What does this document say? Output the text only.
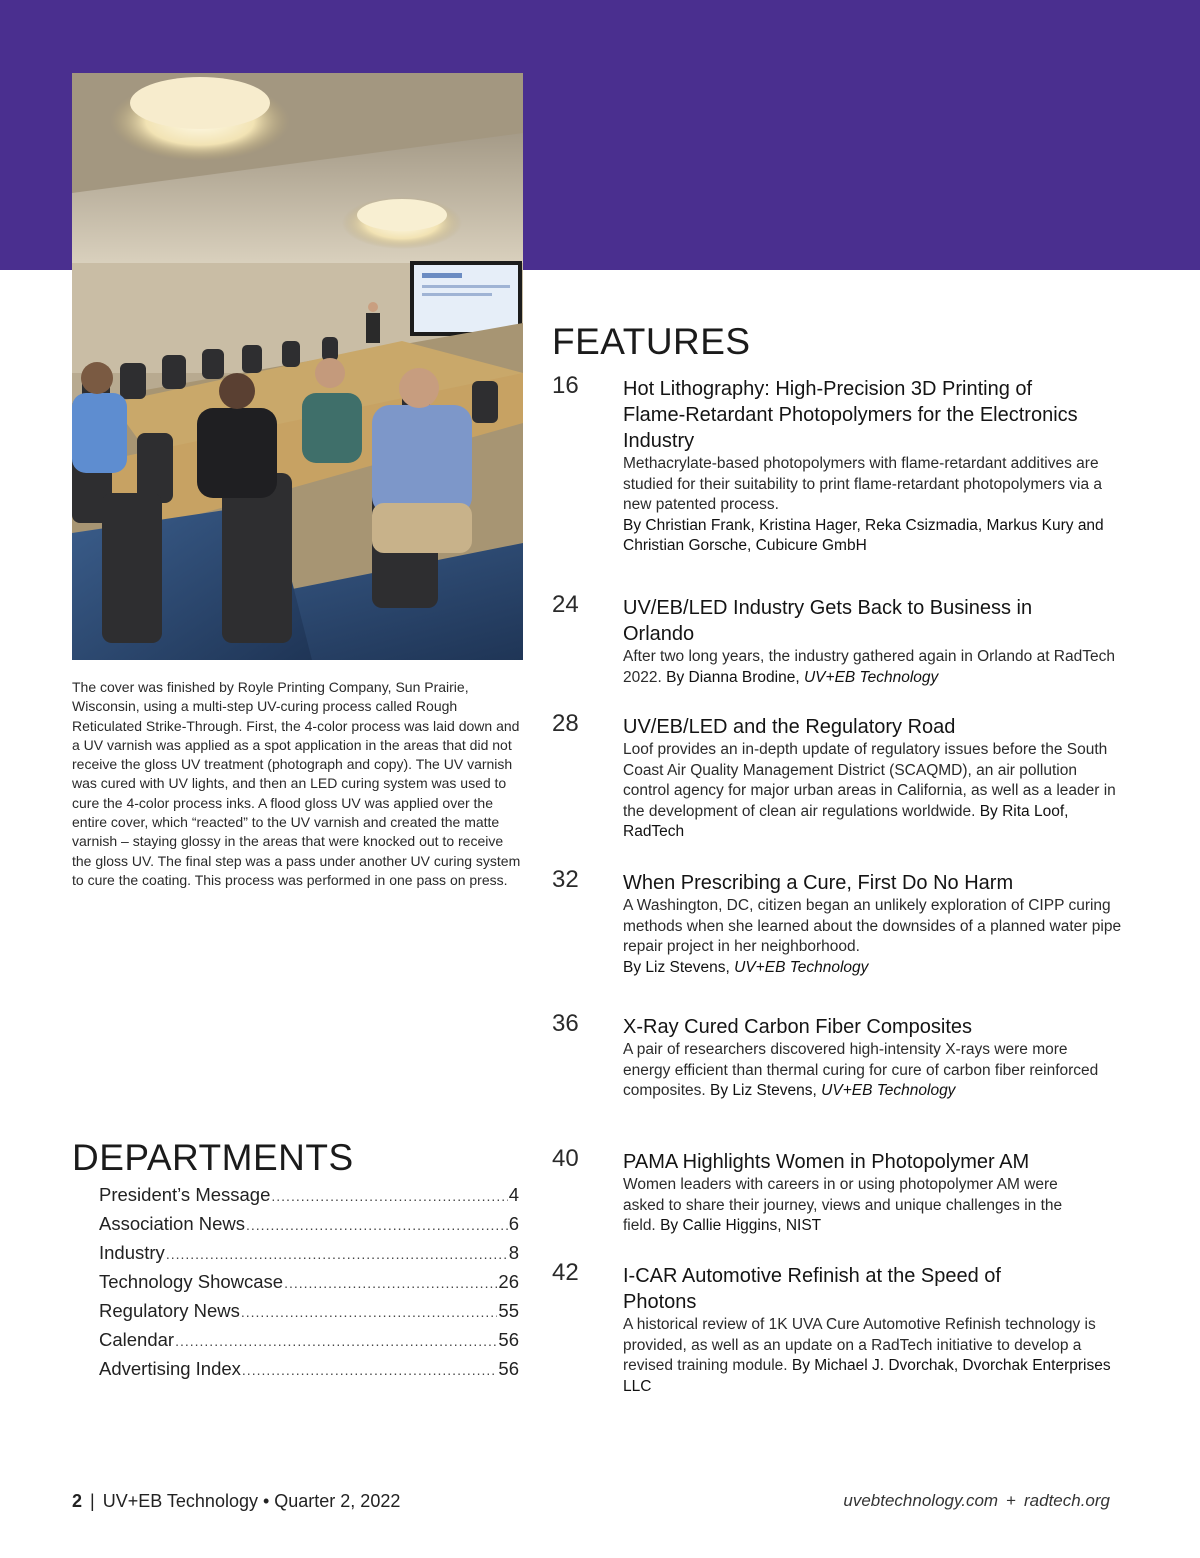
The cover was finished by Royle Printing Company, Sun Prairie, Wisconsin, using a multi-step UV-curing process called Rough Reticulated Strike-Through. First, the 4-color process was laid down and a UV varnish was applied as a spot application in the areas that did not receive the gloss UV treatment (photograph and copy). The UV varnish was cured with UV lights, and then an LED curing system was used to cure the 4-color process inks. A flood gloss UV was applied over the entire cover, which “reacted” to the UV varnish and created the matte varnish – staying glossy in the areas that were knocked out to receive the gloss UV. The final step was a pass under another UV curing system to cure the coating. This process was performed in one pass on press.

FEATURES
16	Hot Lithography: High-Precision 3D Printing of Flame-Retardant Photopolymers for the Electronics Industry
Methacrylate-based photopolymers with flame-retardant additives are studied for their suitability to print flame-retardant photopolymers via a new patented process.
By Christian Frank, Kristina Hager, Reka Csizmadia, Markus Kury and Christian Gorsche, Cubicure GmbH
24	UV/EB/LED Industry Gets Back to Business in Orlando
After two long years, the industry gathered again in Orlando at RadTech 2022. By Dianna Brodine, UV+EB Technology
28	UV/EB/LED and the Regulatory Road
Loof provides an in-depth update of regulatory issues before the South Coast Air Quality Management District (SCAQMD), an air pollution control agency for major urban areas in California, as well as a leader in the development of clean air regulations worldwide. By Rita Loof, RadTech
32	When Prescribing a Cure, First Do No Harm
A Washington, DC, citizen began an unlikely exploration of CIPP curing methods when she learned about the downsides of a planned water pipe repair project in her neighborhood.
By Liz Stevens, UV+EB Technology
36	X-Ray Cured Carbon Fiber Composites
A pair of researchers discovered high-intensity X-rays were more energy efficient than thermal curing for cure of carbon fiber reinforced composites. By Liz Stevens, UV+EB Technology
40	PAMA Highlights Women in Photopolymer AM
Women leaders with careers in or using photopolymer AM were asked to share their journey, views and unique challenges in the field. By Callie Higgins, NIST
42	I-CAR Automotive Refinish at the Speed of Photons
A historical review of 1K UVA Cure Automotive Refinish technology is provided, as well as an update on a RadTech initiative to develop a revised training module. By Michael J. Dvorchak, Dvorchak Enterprises LLC
DEPARTMENTS
President’s Message .....	4
Association News .....	6
Industry .....	8
Technology Showcase .....	26
Regulatory News .....	55
Calendar .....	56
Advertising Index .....	56
2 | UV+EB Technology • Quarter 2, 2022	uvebtechnology.com + radtech.org
